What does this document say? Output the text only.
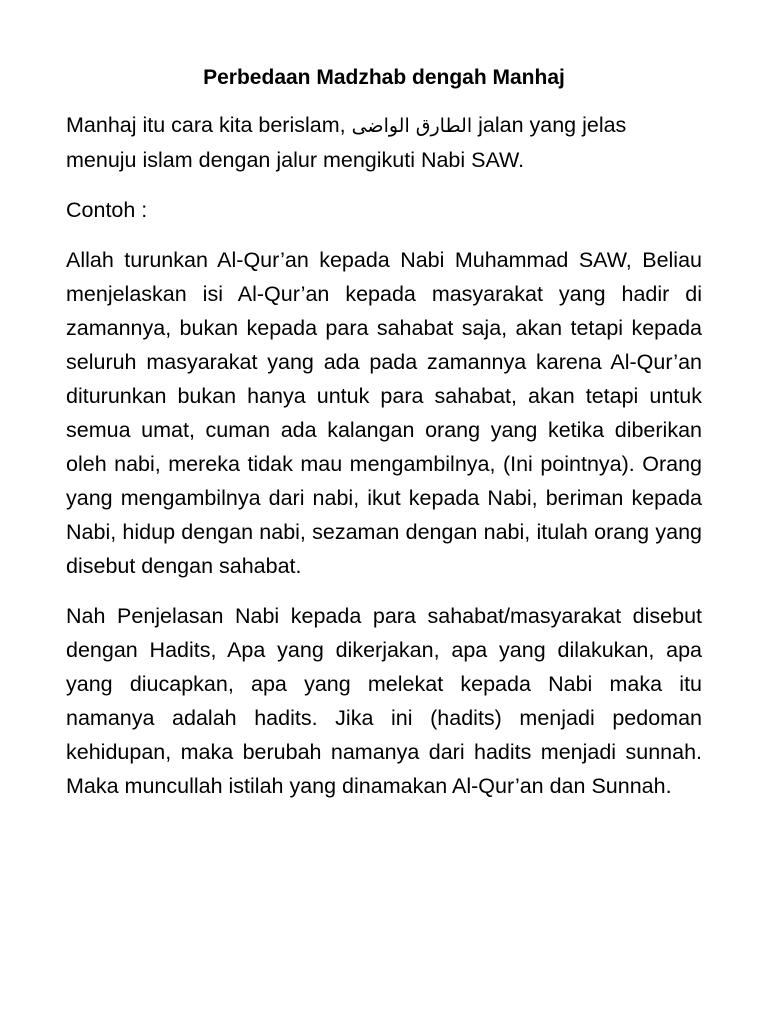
Perbedaan Madzhab dengah Manhaj

Manhaj itu cara kita berislam, الطارق الواضى jalan yang jelas menuju islam dengan jalur mengikuti Nabi SAW.

Contoh :

Allah turunkan Al-Qur’an kepada Nabi Muhammad SAW, Beliau menjelaskan isi Al-Qur’an kepada masyarakat yang hadir di zamannya, bukan kepada para sahabat saja, akan tetapi kepada seluruh masyarakat yang ada pada zamannya karena Al-Qur’an diturunkan bukan hanya untuk para sahabat, akan tetapi untuk semua umat, cuman ada kalangan orang yang ketika diberikan oleh nabi, mereka tidak mau mengambilnya, (Ini pointnya). Orang yang mengambilnya dari nabi, ikut kepada Nabi, beriman kepada Nabi, hidup dengan nabi, sezaman dengan nabi, itulah orang yang disebut dengan sahabat.

Nah Penjelasan Nabi kepada para sahabat/masyarakat disebut dengan Hadits, Apa yang dikerjakan, apa yang dilakukan, apa yang diucapkan, apa yang melekat kepada Nabi maka itu namanya adalah hadits. Jika ini (hadits) menjadi pedoman kehidupan, maka berubah namanya dari hadits menjadi sunnah. Maka muncullah istilah yang dinamakan Al-Qur’an dan Sunnah.
